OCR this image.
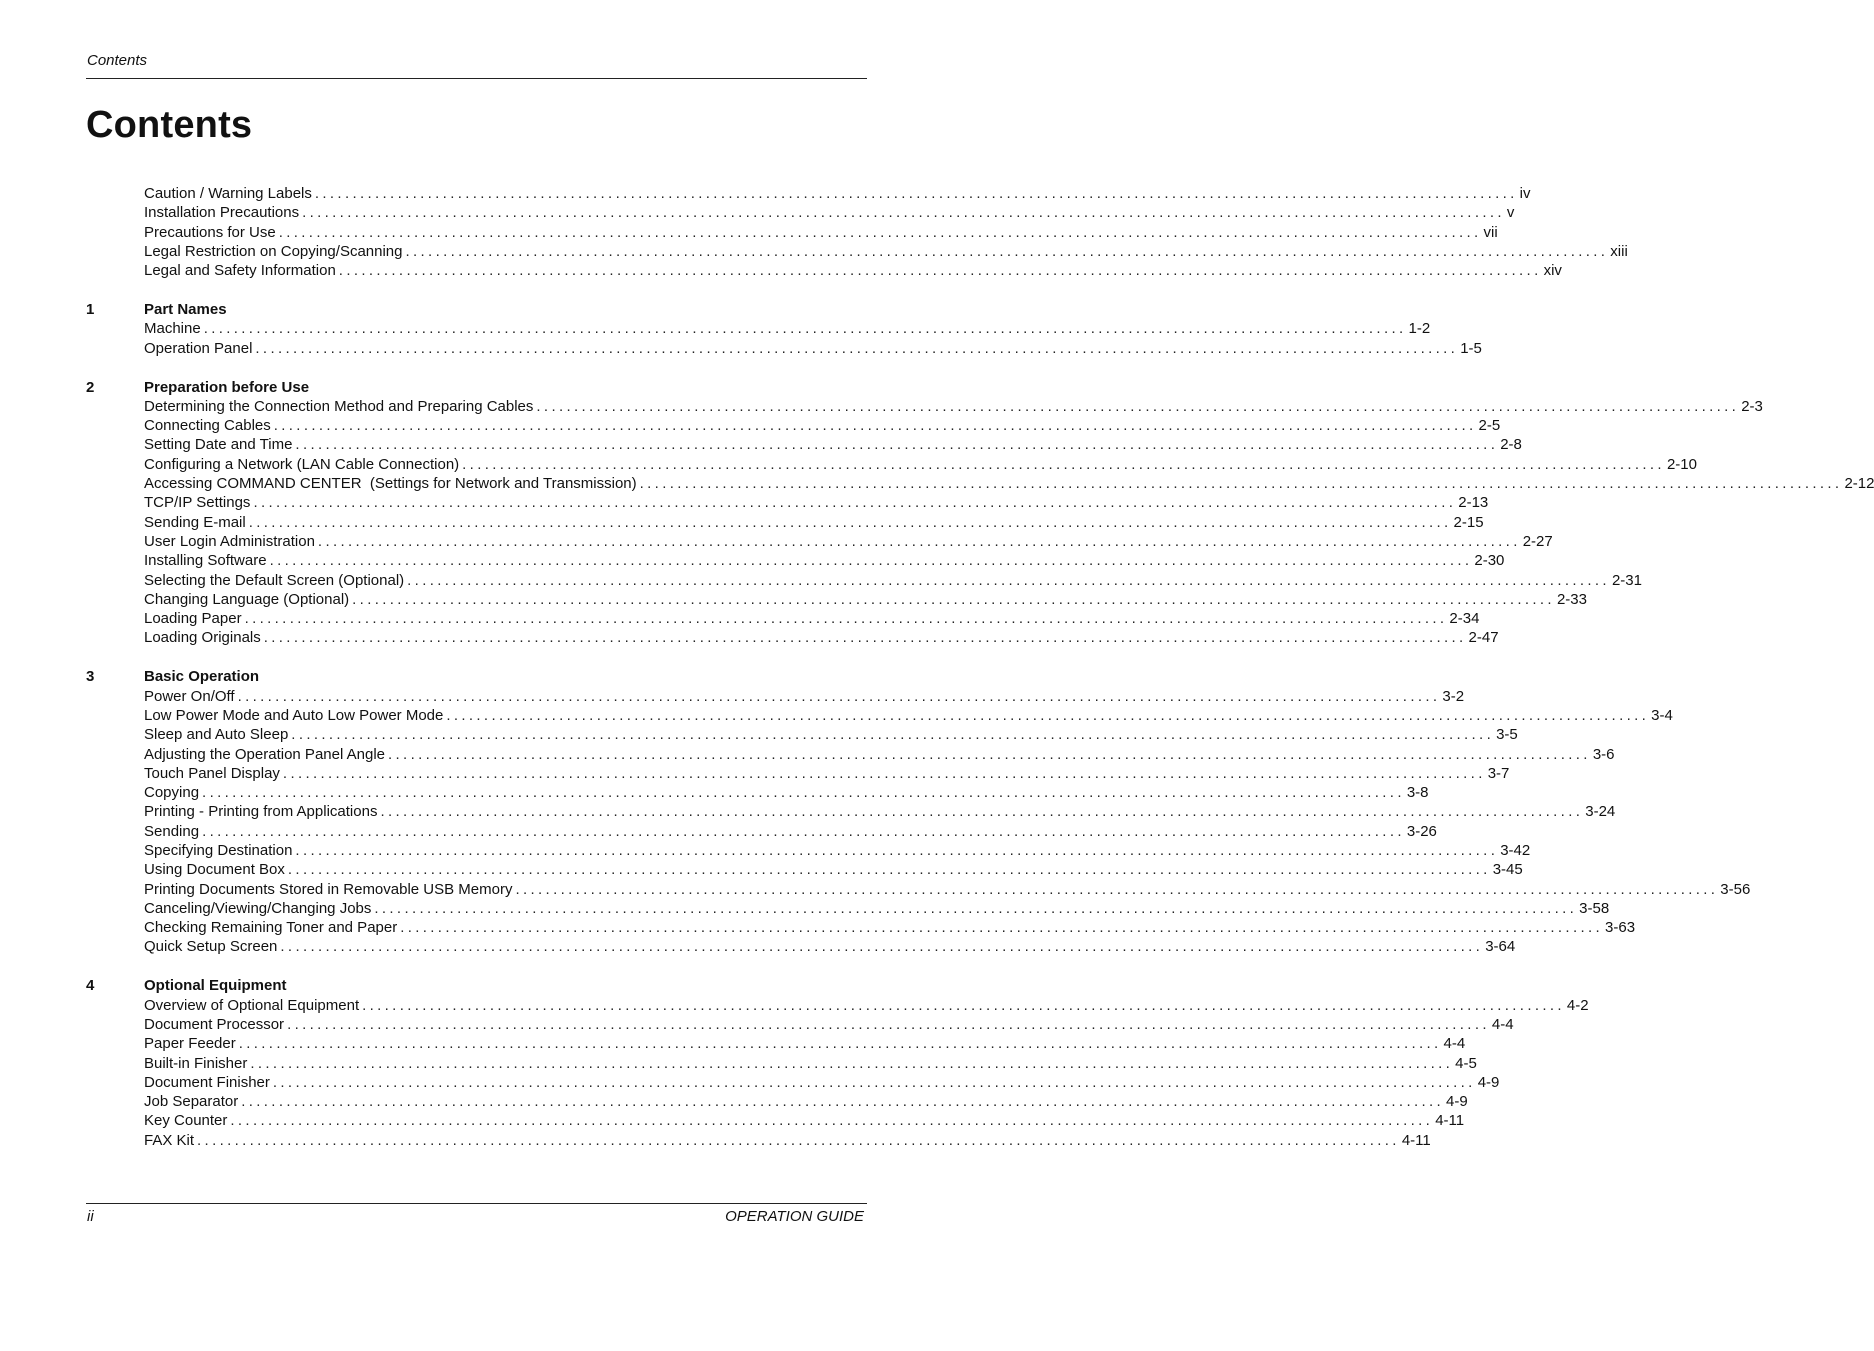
Contents
Contents
Caution / Warning Labels ................................................................................................................................................................ iv
Installation Precautions ................................................................................................................................................................ v
Precautions for Use ................................................................................................................................................................ vii
Legal Restriction on Copying/Scanning ................................................................................................................................................................ xiii
Legal and Safety Information ................................................................................................................................................................ xiv
1	Part Names
Machine ................................................................................................................................................................ 1-2
Operation Panel ................................................................................................................................................................ 1-5
2	Preparation before Use
Determining the Connection Method and Preparing Cables ................................................................................................................................................................ 2-3
Connecting Cables ................................................................................................................................................................ 2-5
Setting Date and Time ................................................................................................................................................................ 2-8
Configuring a Network (LAN Cable Connection) ................................................................................................................................................................ 2-10
Accessing COMMAND CENTER  (Settings for Network and Transmission) ................................................................................................................................................................ 2-12
TCP/IP Settings ................................................................................................................................................................ 2-13
Sending E-mail ................................................................................................................................................................ 2-15
User Login Administration ................................................................................................................................................................ 2-27
Installing Software ................................................................................................................................................................ 2-30
Selecting the Default Screen (Optional) ................................................................................................................................................................ 2-31
Changing Language (Optional) ................................................................................................................................................................ 2-33
Loading Paper ................................................................................................................................................................ 2-34
Loading Originals ................................................................................................................................................................ 2-47
3	Basic Operation
Power On/Off ................................................................................................................................................................ 3-2
Low Power Mode and Auto Low Power Mode ................................................................................................................................................................ 3-4
Sleep and Auto Sleep ................................................................................................................................................................ 3-5
Adjusting the Operation Panel Angle ................................................................................................................................................................ 3-6
Touch Panel Display ................................................................................................................................................................ 3-7
Copying ................................................................................................................................................................ 3-8
Printing - Printing from Applications ................................................................................................................................................................ 3-24
Sending ................................................................................................................................................................ 3-26
Specifying Destination ................................................................................................................................................................ 3-42
Using Document Box ................................................................................................................................................................ 3-45
Printing Documents Stored in Removable USB Memory ................................................................................................................................................................ 3-56
Canceling/Viewing/Changing Jobs ................................................................................................................................................................ 3-58
Checking Remaining Toner and Paper ................................................................................................................................................................ 3-63
Quick Setup Screen ................................................................................................................................................................ 3-64
4	Optional Equipment
Overview of Optional Equipment ................................................................................................................................................................ 4-2
Document Processor ................................................................................................................................................................ 4-4
Paper Feeder ................................................................................................................................................................ 4-4
Built-in Finisher ................................................................................................................................................................ 4-5
Document Finisher ................................................................................................................................................................ 4-9
Job Separator ................................................................................................................................................................ 4-9
Key Counter ................................................................................................................................................................ 4-11
FAX Kit ................................................................................................................................................................ 4-11
ii	OPERATION GUIDE
